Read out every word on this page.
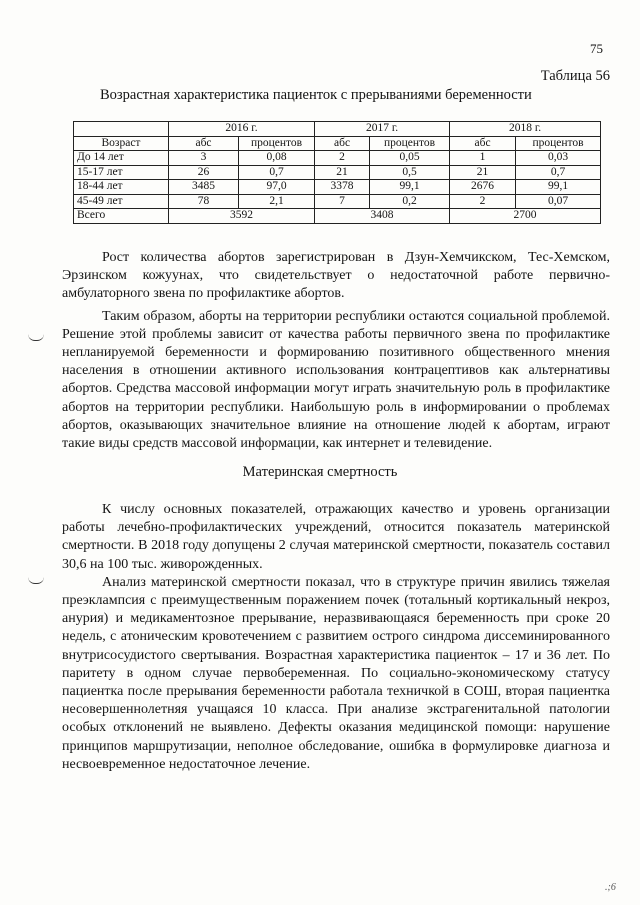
75
Таблица 56
Возрастная характеристика пациенток с прерываниями беременности
	2016 г.		2017 г.		2018 г.	
Возраст	абс	процентов	абс	процентов	абс	процентов
До 14 лет	3	0,08	2	0,05	1	0,03
15-17 лет	26	0,7	21	0,5	21	0,7
18-44 лет	3485	97,0	3378	99,1	2676	99,1
45-49 лет	78	2,1	7	0,2	2	0,07
Всего	3592		3408		2700	

Рост количества абортов зарегистрирован в Дзун-Хемчикском, Тес-Хемском, Эрзинском кожуунах, что свидетельствует о недостаточной работе первично-амбулаторного звена по профилактике абортов.

Таким образом, аборты на территории республики остаются социальной проблемой. Решение этой проблемы зависит от качества работы первичного звена по профилактике непланируемой беременности и формированию позитивного общественного мнения населения в отношении активного использования контрацептивов как альтернативы абортов. Средства массовой информации могут играть значительную роль в профилактике абортов на территории республики. Наибольшую роль в информировании о проблемах абортов, оказывающих значительное влияние на отношение людей к абортам, играют такие виды средств массовой информации, как интернет и телевидение.

Материнская смертность

К числу основных показателей, отражающих качество и уровень организации работы лечебно-профилактических учреждений, относится показатель материнской смертности. В 2018 году допущены 2 случая материнской смертности, показатель составил 30,6 на 100 тыс. живорожденных.

Анализ материнской смертности показал, что в структуре причин явились тяжелая преэклампсия с преимущественным поражением почек (тотальный кортикальный некроз, анурия) и медикаментозное прерывание, неразвивающаяся беременность при сроке 20 недель, с атоническим кровотечением с развитием острого синдрома диссеминированного внутрисосудистого свертывания. Возрастная характеристика пациенток – 17 и 36 лет. По паритету в одном случае первобеременная. По социально-экономическому статусу пациентка после прерывания беременности работала техничкой в СОШ, вторая пациентка несовершеннолетняя учащаяся 10 класса. При анализе экстрагенитальной патологии особых отклонений не выявлено. Дефекты оказания медицинской помощи: нарушение принципов маршрутизации, неполное обследование, ошибка в формулировке диагноза и несвоевременное недостаточное лечение.

.;6
